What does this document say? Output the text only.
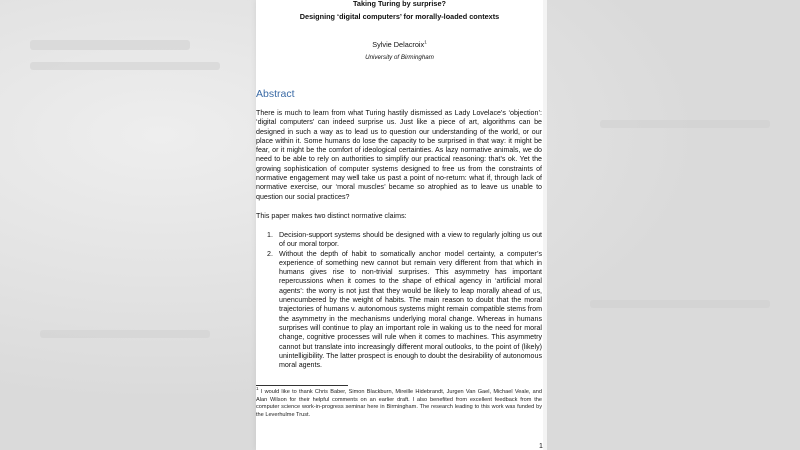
Taking Turing by surprise?
Designing ‘digital computers’ for morally-loaded contexts
Sylvie Delacroix$^1$
University of Birmingham
Abstract
There is much to learn from what Turing hastily dismissed as Lady Lovelace’s ‘objection’: ‘digital computers’ can indeed surprise us. Just like a piece of art, algorithms can be designed in such a way as to lead us to question our understanding of the world, or our place within it. Some humans do lose the capacity to be surprised in that way: it might be fear, or it might be the comfort of ideological certainties. As lazy normative animals, we do need to be able to rely on authorities to simplify our practical reasoning: that’s ok. Yet the growing sophistication of computer systems designed to free us from the constraints of normative engagement may well take us past a point of no-return: what if, through lack of normative exercise, our ‘moral muscles’ became so atrophied as to leave us unable to question our social practices?
This paper makes two distinct normative claims:
1. Decision-support systems should be designed with a view to regularly jolting us out of our moral torpor.
2. Without the depth of habit to somatically anchor model certainty, a computer’s experience of something new cannot but remain very different from that which in humans gives rise to non-trivial surprises. This asymmetry has important repercussions when it comes to the shape of ethical agency in ‘artificial moral agents’: the worry is not just that they would be likely to leap morally ahead of us, unencumbered by the weight of habits. The main reason to doubt that the moral trajectories of humans v. autonomous systems might remain compatible stems from the asymmetry in the mechanisms underlying moral change. Whereas in humans surprises will continue to play an important role in waking us to the need for moral change, cognitive processes will rule when it comes to machines. This asymmetry cannot but translate into increasingly different moral outlooks, to the point of (likely) unintelligibility. The latter prospect is enough to doubt the desirability of autonomous moral agents.
$^1$ I would like to thank Chris Baber, Simon Blackburn, Mireille Hidebrandt, Jurgen Van Gael, Michael Veale, and Alan Wilson for their helpful comments on an earlier draft. I also benefited from excellent feedback from the computer science work-in-progress seminar here in Birmingham. The research leading to this work was funded by the Leverhulme Trust.
1
